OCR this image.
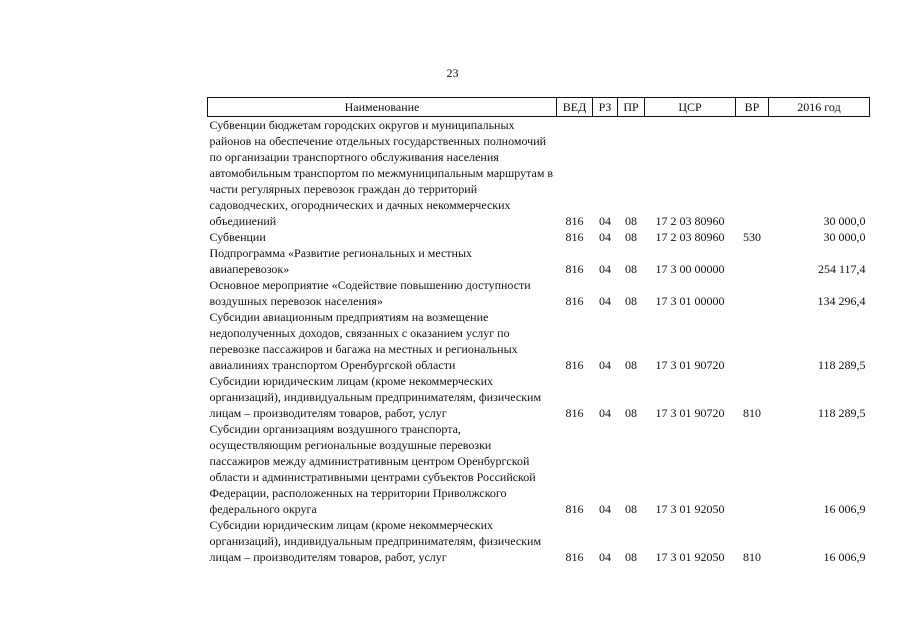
23
Наименование	ВЕД	РЗ	ПР	ЦСР	ВР	2016 год
Субвенции бюджетам городских округов и муниципальных районов на обеспечение отдельных государственных полномочий по организации транспортного обслуживания населения автомобильным транспортом по межмуниципальным маршрутам в части регулярных перевозок граждан до территорий садоводческих, огороднических и дачных некоммерческих объединений	816	04	08	17 2 03 80960		30 000,0
Субвенции	816	04	08	17 2 03 80960	530	30 000,0
Подпрограмма «Развитие региональных и местных авиаперевозок»	816	04	08	17 3 00 00000		254 117,4
Основное мероприятие «Содействие повышению доступности воздушных перевозок населения»	816	04	08	17 3 01 00000		134 296,4
Субсидии авиационным предприятиям на возмещение недополученных доходов, связанных с оказанием услуг по перевозке пассажиров и багажа на местных и региональных авиалиниях транспортом Оренбургской области	816	04	08	17 3 01 90720		118 289,5
Субсидии юридическим лицам (кроме некоммерческих организаций), индивидуальным предпринимателям, физическим лицам – производителям товаров, работ, услуг	816	04	08	17 3 01 90720	810	118 289,5
Субсидии организациям воздушного транспорта, осуществляющим региональные воздушные перевозки пассажиров между административным центром Оренбургской области и административными центрами субъектов Российской Федерации, расположенных на территории Приволжского федерального округа	816	04	08	17 3 01 92050		16 006,9
Субсидии юридическим лицам (кроме некоммерческих организаций), индивидуальным предпринимателям, физическим лицам – производителям товаров, работ, услуг	816	04	08	17 3 01 92050	810	16 006,9
